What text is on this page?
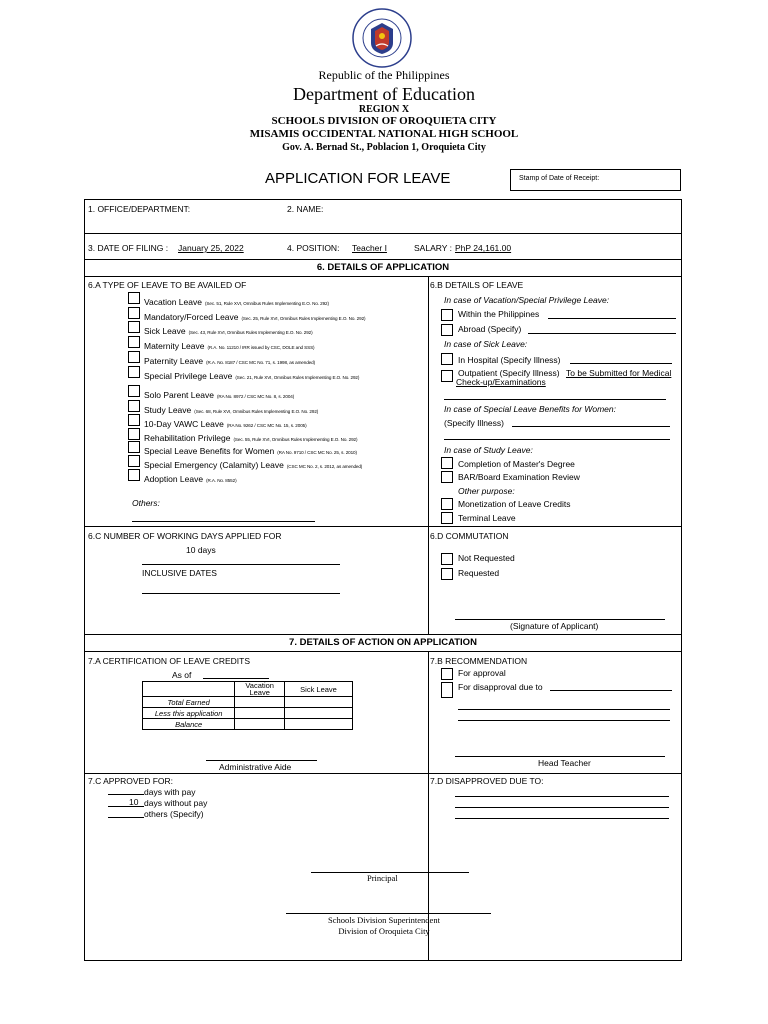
Republic of the Philippines
Department of Education
REGION X
SCHOOLS DIVISION OF OROQUIETA CITY
MISAMIS OCCIDENTAL NATIONAL HIGH SCHOOL
Gov. A. Bernad St., Poblacion 1, Oroquieta City
APPLICATION FOR LEAVE	Stamp of Date of Receipt:
1. OFFICE/DEPARTMENT:	2. NAME:
3. DATE OF FILING : January 25, 2022	4. POSITION: Teacher I	SALARY : PhP 24,161.00
6. DETAILS OF APPLICATION
6.A TYPE OF LEAVE TO BE AVAILED OF
Vacation Leave (Sec. 51, Rule XVI, Omnibus Rules Implementing E.O. No. 292)
Mandatory/Forced Leave (Sec. 25, Rule XVI, Omnibus Rules Implementing E.O. No. 292)
Sick Leave (Sec. 43, Rule XVI, Omnibus Rules Implementing E.O. No. 292)
Maternity Leave (R.A. No. 11210 / IRR issued by CSC, DOLE and SSS)
Paternity Leave (R.A. No. 8187 / CSC MC No. 71, s. 1998, as amended)
Special Privilege Leave (Sec. 21, Rule XVI, Omnibus Rules Implementing E.O. No. 292)
Solo Parent Leave (RA No. 8972 / CSC MC No. 8, s. 2004)
Study Leave (Sec. 68, Rule XVI, Omnibus Rules Implementing E.O. No. 292)
10-Day VAWC Leave (RA No. 9262 / CSC MC No. 15, s. 2005)
Rehabilitation Privilege (Sec. 55, Rule XVI, Omnibus Rules Implementing E.O. No. 292)
Special Leave Benefits for Women (RA No. 9710 / CSC MC No. 25, s. 2010)
Special Emergency (Calamity) Leave (CSC MC No. 2, s. 2012, as amended)
Adoption Leave (R.A. No. 8552)
Others:
6.B DETAILS OF LEAVE
In case of Vacation/Special Privilege Leave:
Within the Philippines
Abroad (Specify)
In case of Sick Leave:
In Hospital (Specify Illness)
Outpatient (Specify Illness) To be Submitted for Medical
Check-up/Examinations
In case of Special Leave Benefits for Women:
(Specify Illness)
In case of Study Leave:
Completion of Master's Degree
BAR/Board Examination Review
Other purpose:
Monetization of Leave Credits
Terminal Leave
6.C NUMBER OF WORKING DAYS APPLIED FOR
10 days
INCLUSIVE DATES
6.D COMMUTATION
Not Requested
Requested
(Signature of Applicant)
7. DETAILS OF ACTION ON APPLICATION
7.A CERTIFICATION OF LEAVE CREDITS
As of
	Vacation Leave	Sick Leave
Total Earned		
Less this application		
Balance		
Administrative Aide
7.B RECOMMENDATION
For approval
For disapproval due to
Head Teacher
7.C APPROVED FOR:
days with pay
10 days without pay
others (Specify)
7.D DISAPPROVED DUE TO:
Principal
Schools Division Superintendent
Division of Oroquieta City
